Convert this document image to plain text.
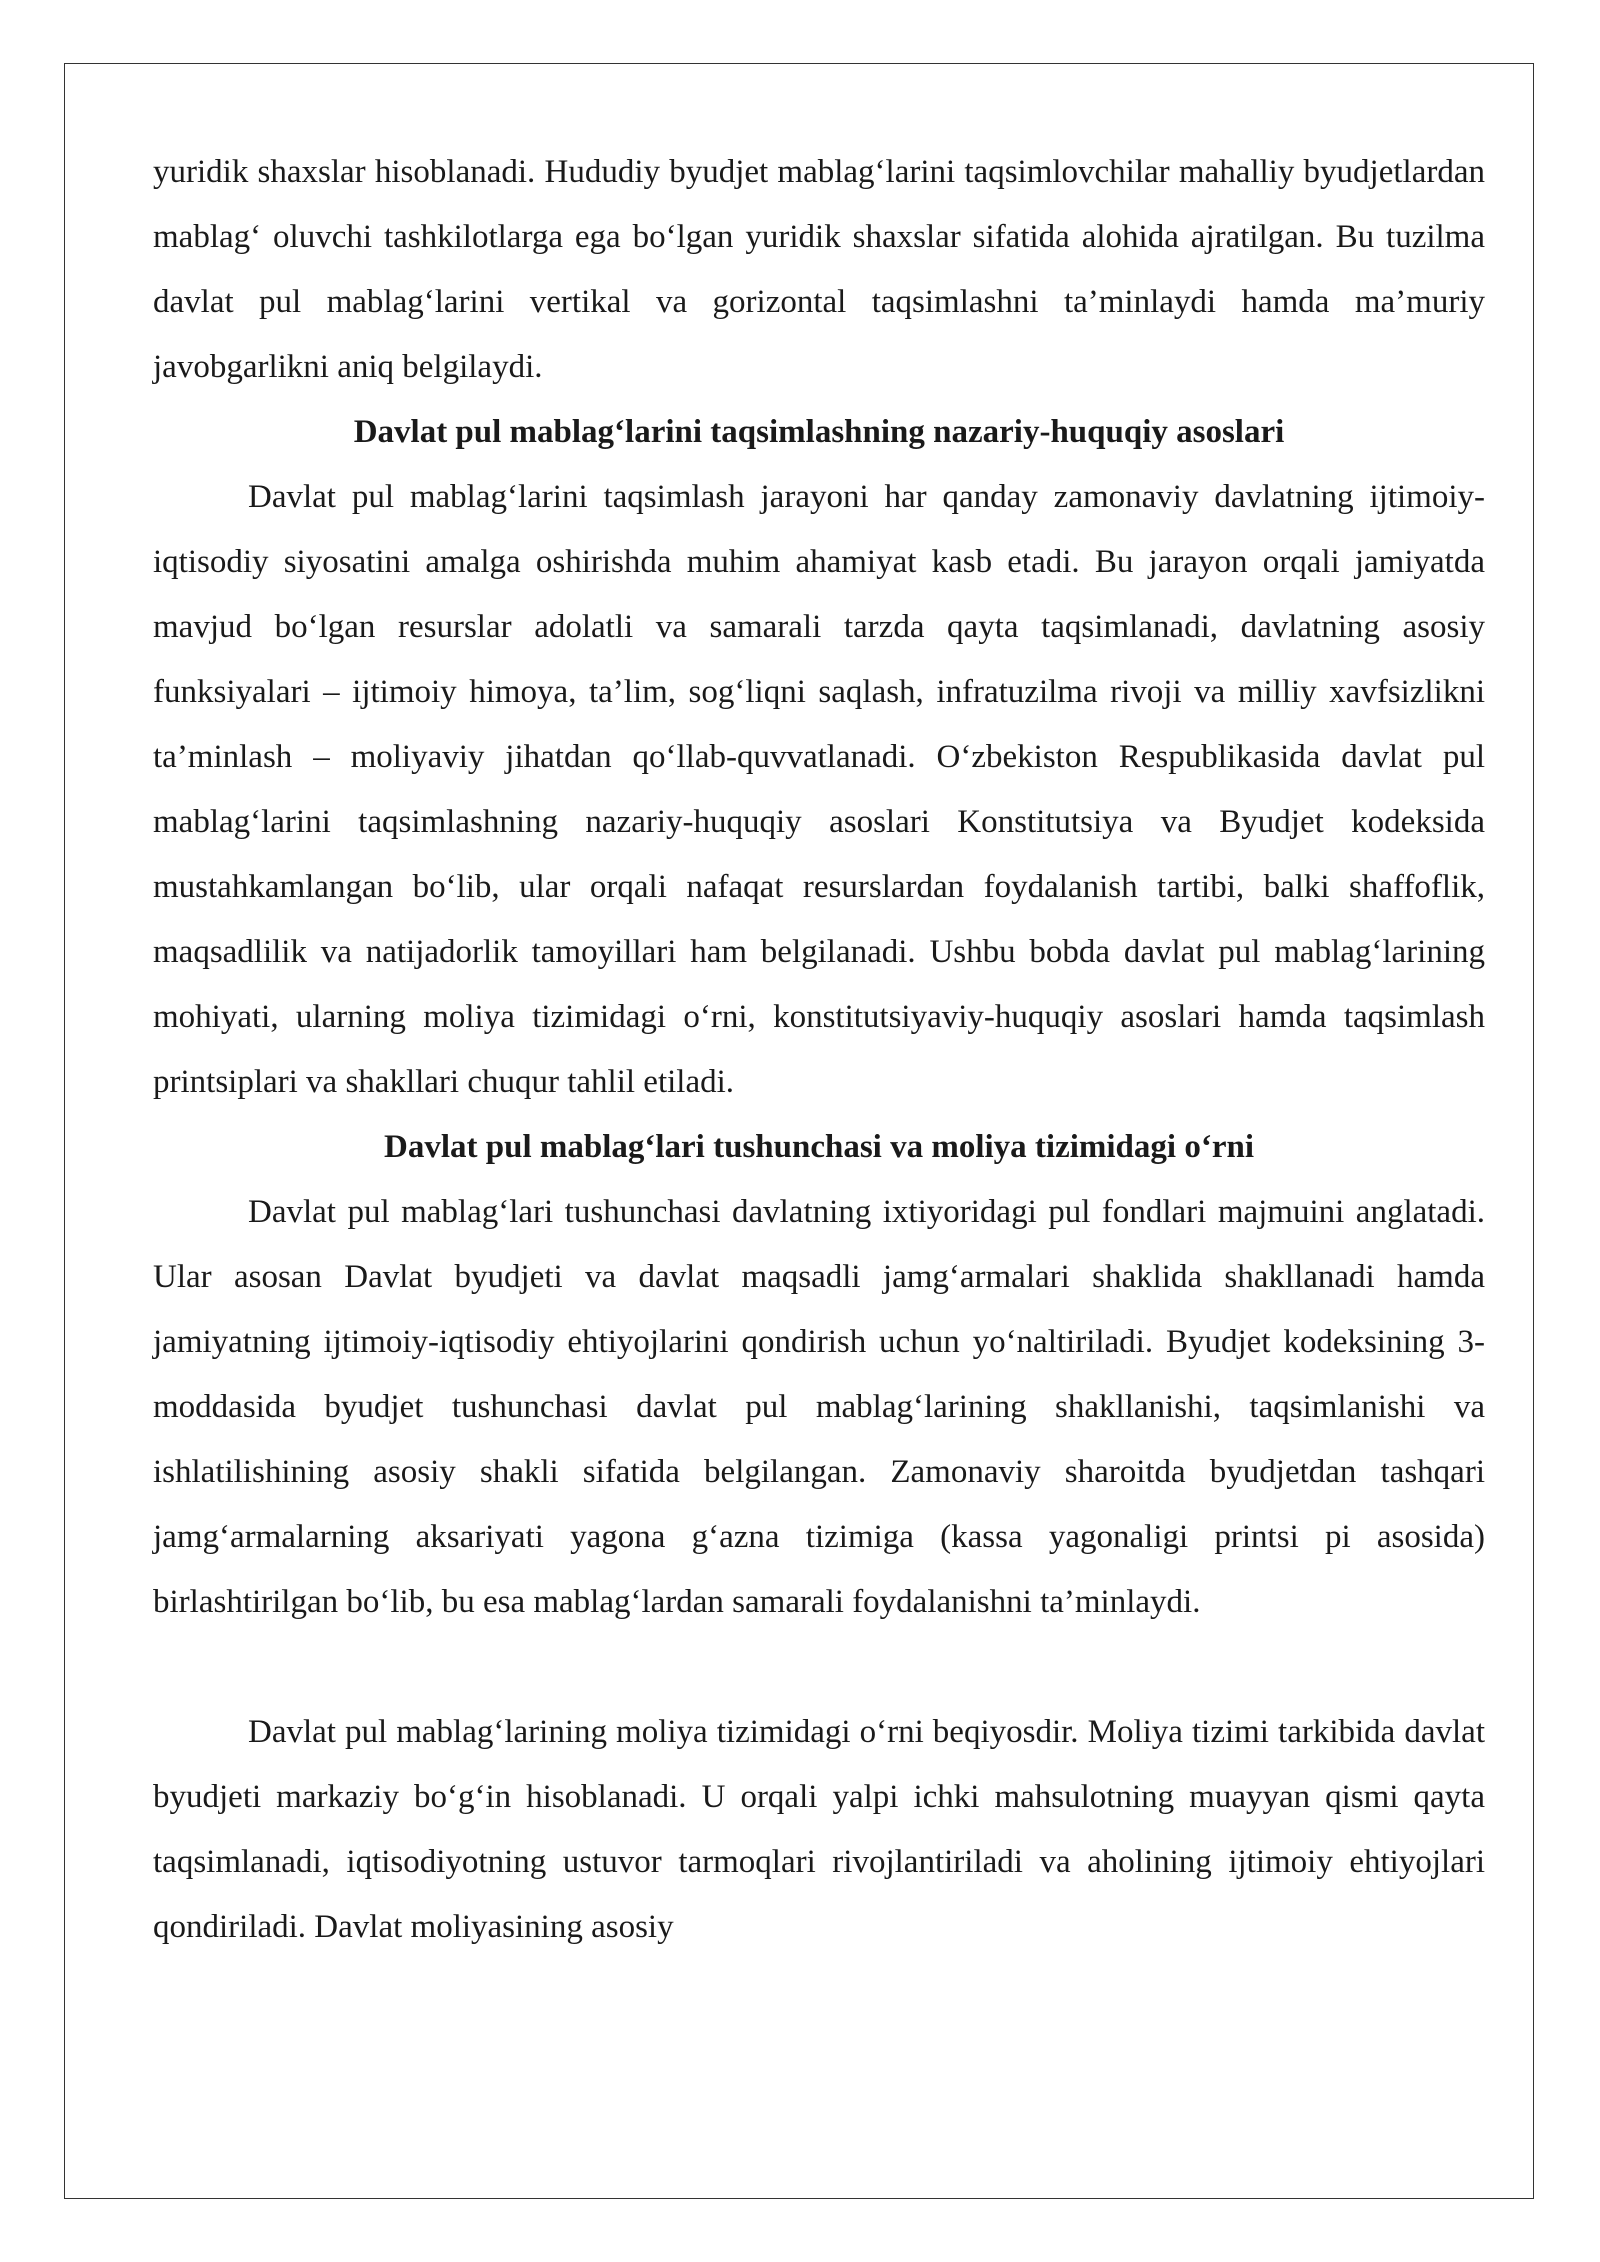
yuridik shaxslar hisoblanadi. Hududiy byudjet mablag‘larini taqsimlovchilar mahalliy byudjetlardan mablag‘ oluvchi tashkilotlarga ega bo‘lgan yuridik shaxslar sifatida alohida ajratilgan. Bu tuzilma davlat pul mablag‘larini vertikal va gorizontal taqsimlashni ta’minlaydi hamda ma’muriy javobgarlikni aniq belgilaydi.

Davlat pul mablag‘larini taqsimlashning nazariy-huquqiy asoslari

Davlat pul mablag‘larini taqsimlash jarayoni har qanday zamonaviy davlatning ijtimoiy-iqtisodiy siyosatini amalga oshirishda muhim ahamiyat kasb etadi. Bu jarayon orqali jamiyatda mavjud bo‘lgan resurslar adolatli va samarali tarzda qayta taqsimlanadi, davlatning asosiy funksiyalari – ijtimoiy himoya, ta’lim, sog‘liqni saqlash, infratuzilma rivoji va milliy xavfsizlikni ta’minlash – moliyaviy jihatdan qo‘llab-quvvatlanadi. O‘zbekiston Respublikasida davlat pul mablag‘larini taqsimlashning nazariy-huquqiy asoslari Konstitutsiya va Byudjet kodeksida mustahkamlangan bo‘lib, ular orqali nafaqat resurslardan foydalanish tartibi, balki shaffoflik, maqsadlilik va natijadorlik tamoyillari ham belgilanadi. Ushbu bobda davlat pul mablag‘larining mohiyati, ularning moliya tizimidagi o‘rni, konstitutsiyaviy-huquqiy asoslari hamda taqsimlash printsiplari va shakllari chuqur tahlil etiladi.

Davlat pul mablag‘lari tushunchasi va moliya tizimidagi o‘rni

Davlat pul mablag‘lari tushunchasi davlatning ixtiyoridagi pul fondlari majmuini anglatadi. Ular asosan Davlat byudjeti va davlat maqsadli jamg‘armalari shaklida shakllanadi hamda jamiyatning ijtimoiy-iqtisodiy ehtiyojlarini qondirish uchun yo‘naltiriladi. Byudjet kodeksining 3-moddasida byudjet tushunchasi davlat pul mablag‘larining shakllanishi, taqsimlanishi va ishlatilishining asosiy shakli sifatida belgilangan. Zamonaviy sharoitda byudjetdan tashqari jamg‘armalarning aksariyati yagona g‘azna tizimiga (kassa yagonaligi printsi pi asosida) birlashtirilgan bo‘lib, bu esa mablag‘lardan samarali foydalanishni ta’minlaydi.

Davlat pul mablag‘larining moliya tizimidagi o‘rni beqiyosdir. Moliya tizimi tarkibida davlat byudjeti markaziy bo‘g‘in hisoblanadi. U orqali yalpi ichki mahsulotning muayyan qismi qayta taqsimlanadi, iqtisodiyotning ustuvor tarmoqlari rivojlantiriladi va aholining ijtimoiy ehtiyojlari qondiriladi. Davlat moliyasining asosiy
